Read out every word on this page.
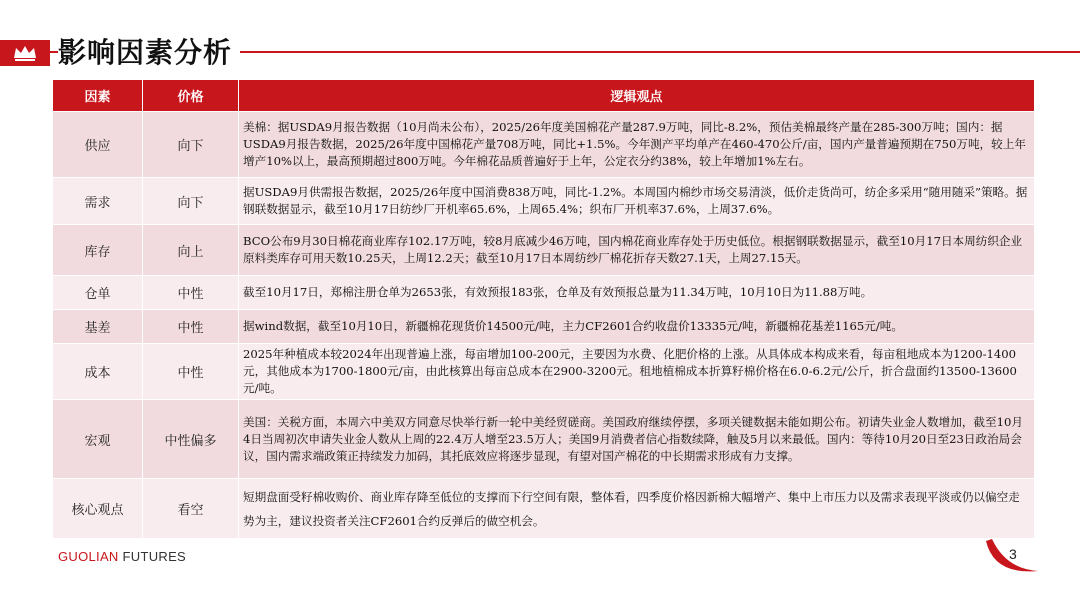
影响因素分析
因素	价格	逻辑观点
供应	向下	美棉：据USDA9月报告数据（10月尚未公布），2025/26年度美国棉花产量287.9万吨，同比-8.2%，预估美棉最终产量在285-300万吨；国内：据USDA9月报告数据，2025/26年度中国棉花产量708万吨，同比+1.5%。今年测产平均单产在460-470公斤/亩，国内产量普遍预期在750万吨，较上年增产10%以上，最高预期超过800万吨。今年棉花品质普遍好于上年，公定衣分约38%，较上年增加1%左右。
需求	向下	据USDA9月供需报告数据，2025/26年度中国消费838万吨，同比-1.2%。本周国内棉纱市场交易清淡，低价走货尚可，纺企多采用“随用随采”策略。据钢联数据显示，截至10月17日纺纱厂开机率65.6%，上周65.4%；织布厂开机率37.6%，上周37.6%。
库存	向上	BCO公布9月30日棉花商业库存102.17万吨，较8月底减少46万吨，国内棉花商业库存处于历史低位。根据钢联数据显示，截至10月17日本周纺织企业原料类库存可用天数10.25天，上周12.2天；截至10月17日本周纺纱厂棉花折存天数27.1天，上周27.15天。
仓单	中性	截至10月17日，郑棉注册仓单为2653张，有效预报183张，仓单及有效预报总量为11.34万吨，10月10日为11.88万吨。
基差	中性	据wind数据，截至10月10日，新疆棉花现货价14500元/吨，主力CF2601合约收盘价13335元/吨，新疆棉花基差1165元/吨。
成本	中性	2025年种植成本较2024年出现普遍上涨，每亩增加100-200元，主要因为水费、化肥价格的上涨。从具体成本构成来看，每亩租地成本为1200-1400元，其他成本为1700-1800元/亩，由此核算出每亩总成本在2900-3200元。租地植棉成本折算籽棉价格在6.0-6.2元/公斤，折合盘面约13500-13600元/吨。
宏观	中性偏多	美国：关税方面，本周六中美双方同意尽快举行新一轮中美经贸磋商。美国政府继续停摆，多项关键数据未能如期公布。初请失业金人数增加，截至10月4日当周初次申请失业金人数从上周的22.4万人增至23.5万人；美国9月消费者信心指数续降，触及5月以来最低。国内：等待10月20日至23日政治局会议，国内需求端政策正持续发力加码，其托底效应将逐步显现，有望对国产棉花的中长期需求形成有力支撑。
核心观点	看空	短期盘面受籽棉收购价、商业库存降至低位的支撑而下行空间有限，整体看，四季度价格因新棉大幅增产、集中上市压力以及需求表现平淡或仍以偏空走势为主，建议投资者关注CF2601合约反弹后的做空机会。
GUOLIAN FUTURES	3
